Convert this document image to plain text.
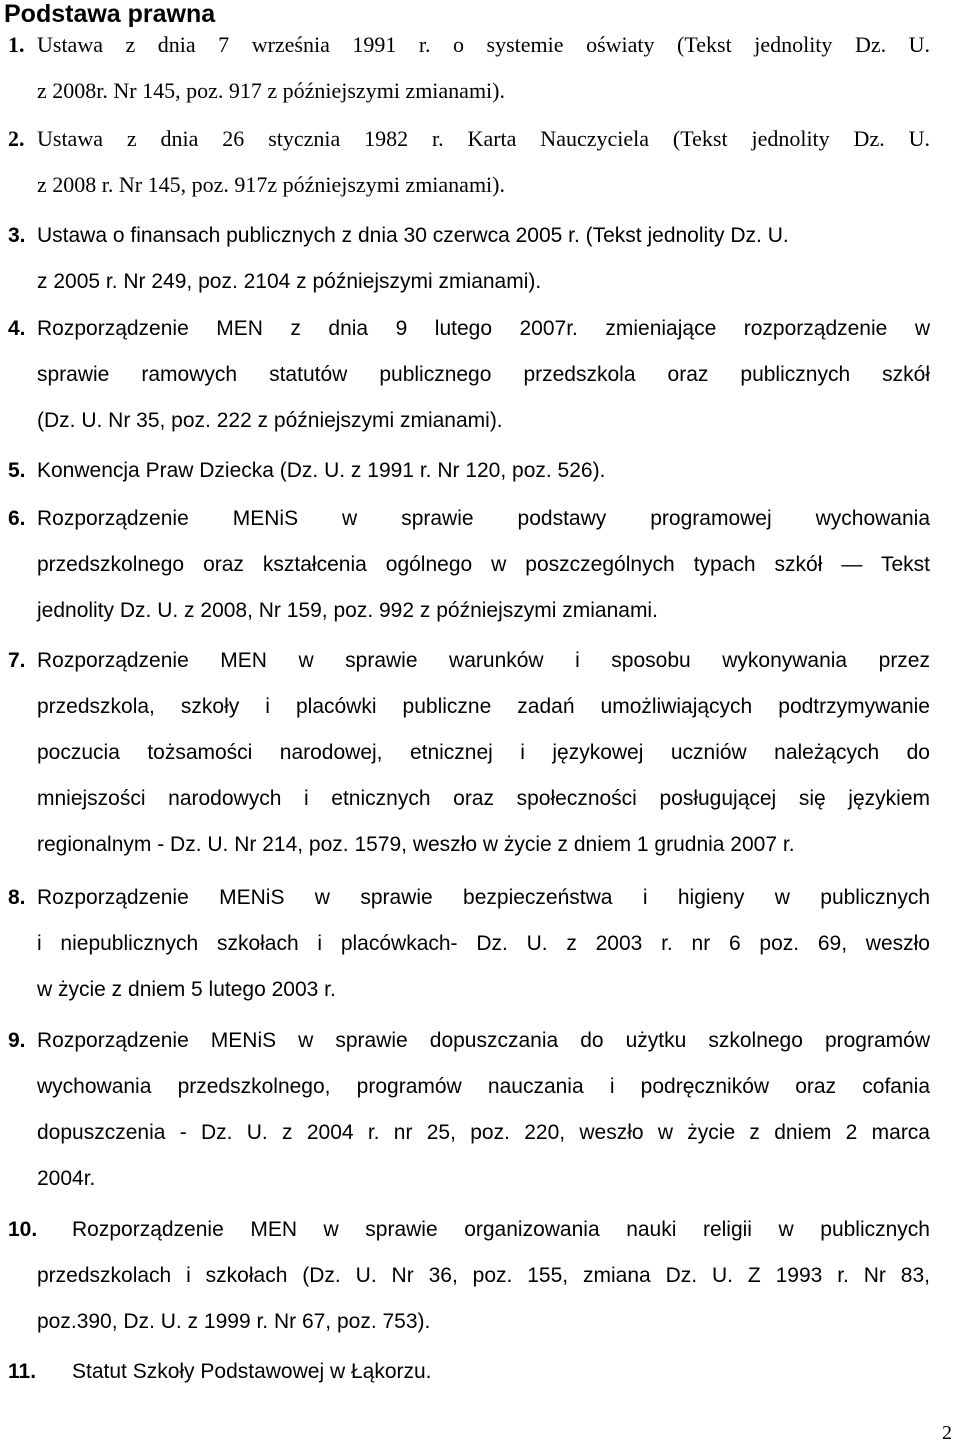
Podstawa prawna
1. Ustawa z dnia 7 września 1991 r. o systemie oświaty (Tekst jednolity Dz. U.
z 2008r. Nr 145, poz. 917 z późniejszymi zmianami).
2. Ustawa z dnia 26 stycznia 1982 r. Karta Nauczyciela (Tekst jednolity Dz. U.
z 2008 r. Nr 145, poz. 917z późniejszymi zmianami).
3. Ustawa o finansach publicznych z dnia 30 czerwca 2005 r. (Tekst jednolity Dz. U.
z 2005 r. Nr 249, poz. 2104 z późniejszymi zmianami).
4. Rozporządzenie MEN z dnia 9 lutego 2007r. zmieniające rozporządzenie w
sprawie ramowych statutów publicznego przedszkola oraz publicznych szkół
(Dz. U. Nr 35, poz. 222 z późniejszymi zmianami).
5. Konwencja Praw Dziecka (Dz. U. z 1991 r. Nr 120, poz. 526).
6. Rozporządzenie MENiS w sprawie podstawy programowej wychowania
przedszkolnego oraz kształcenia ogólnego w poszczególnych typach szkół ― Tekst
jednolity Dz. U. z 2008, Nr 159, poz. 992 z późniejszymi zmianami.
7. Rozporządzenie MEN w sprawie warunków i sposobu wykonywania przez
przedszkola, szkoły i placówki publiczne zadań umożliwiających podtrzymywanie
poczucia tożsamości narodowej, etnicznej i językowej uczniów należących do
mniejszości narodowych i etnicznych oraz społeczności posługującej się językiem
regionalnym - Dz. U. Nr 214, poz. 1579, weszło w życie z dniem 1 grudnia 2007 r.
8. Rozporządzenie MENiS w sprawie bezpieczeństwa i higieny w publicznych
i niepublicznych szkołach i placówkach- Dz. U. z 2003 r. nr 6 poz. 69, weszło
w życie z dniem 5 lutego 2003 r.
9. Rozporządzenie MENiS w sprawie dopuszczania do użytku szkolnego programów
wychowania przedszkolnego, programów nauczania i podręczników oraz cofania
dopuszczenia - Dz. U. z 2004 r. nr 25, poz. 220, weszło w życie z dniem 2 marca
2004r.
10.	Rozporządzenie MEN w sprawie organizowania nauki religii w publicznych
przedszkolach i szkołach (Dz. U. Nr 36, poz. 155, zmiana Dz. U. Z 1993 r. Nr 83,
poz.390, Dz. U. z 1999 r. Nr 67, poz. 753).
11.	Statut Szkoły Podstawowej w Łąkorzu.
2
